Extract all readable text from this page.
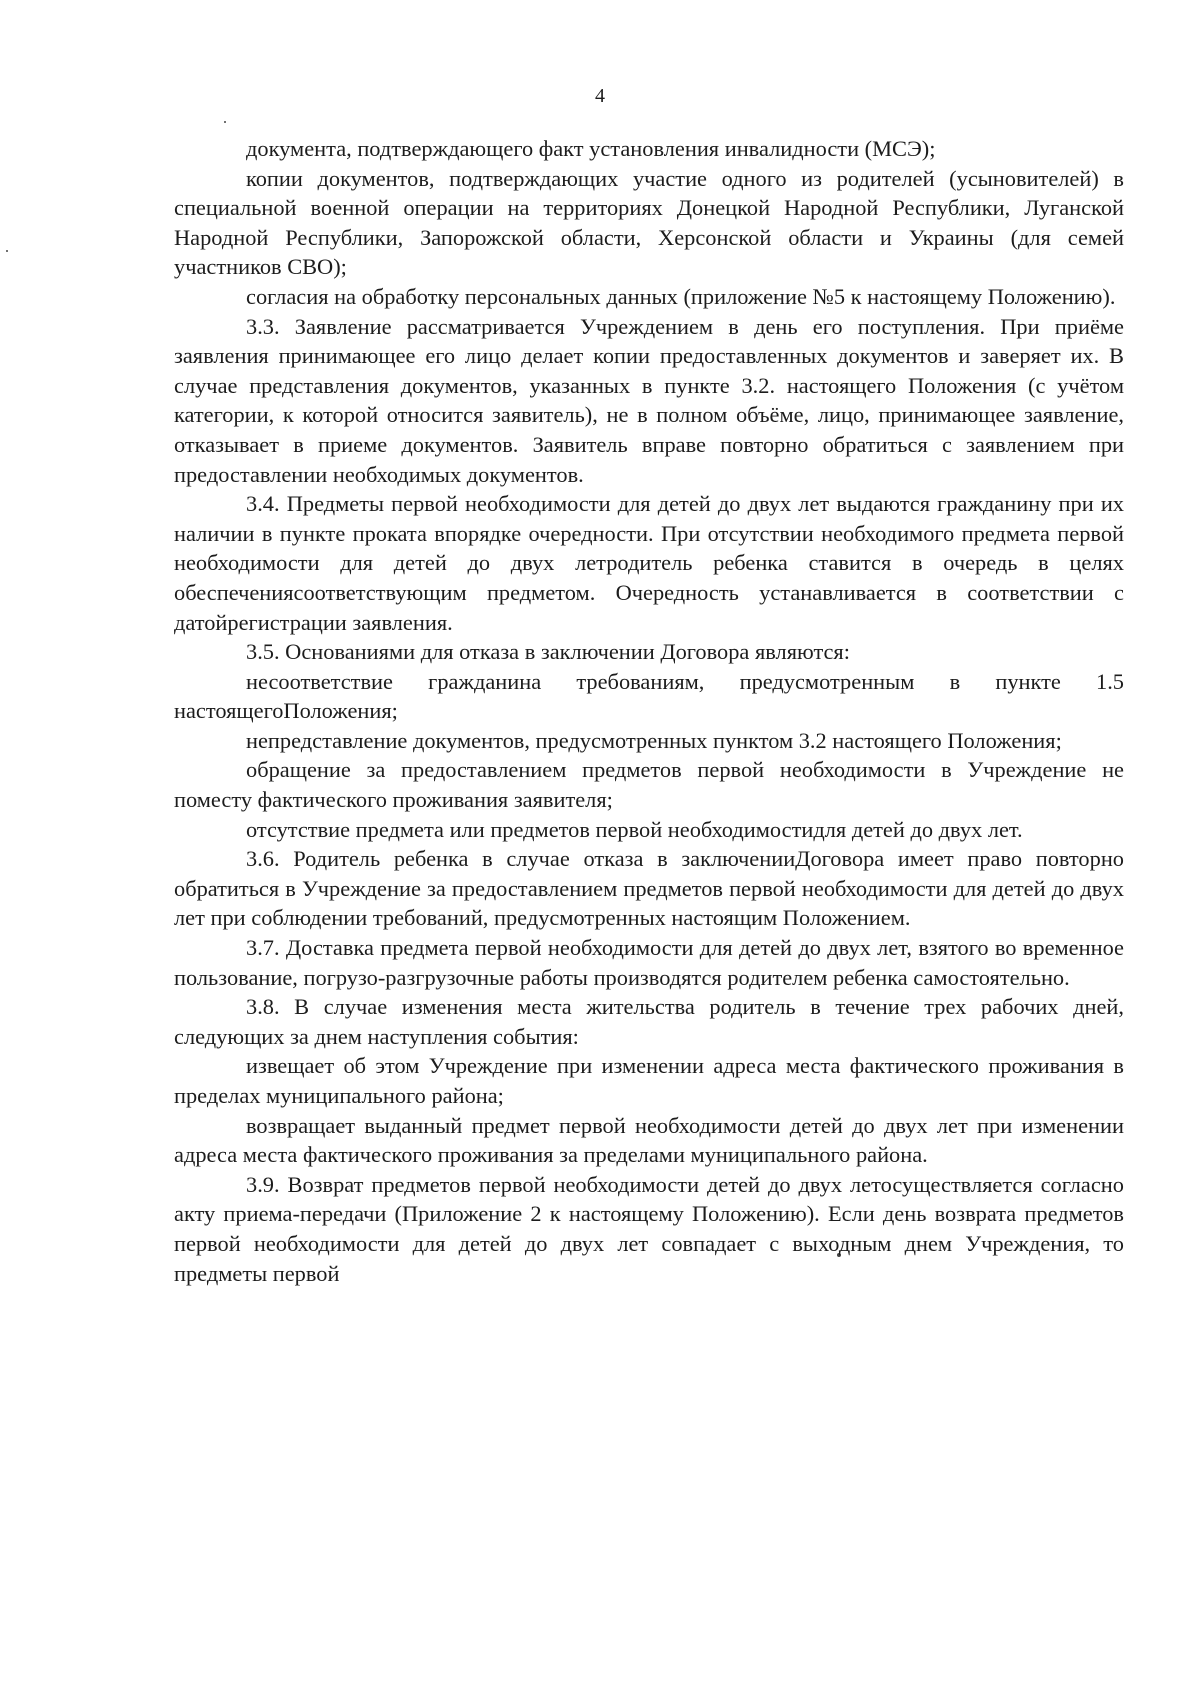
4

документа, подтверждающего факт установления инвалидности (МСЭ);

копии документов, подтверждающих участие одного из родителей (усыновителей) в специальной военной операции на территориях Донецкой Народной Республики, Луганской Народной Республики, Запорожской области, Херсонской области и Украины (для семей участников СВО);

согласия на обработку персональных данных (приложение №5 к настоящему Положению).

3.3. Заявление рассматривается Учреждением в день его поступления. При приёме заявления принимающее его лицо делает копии предоставленных документов и заверяет их. В случае представления документов, указанных в пункте 3.2. настоящего Положения (с учётом категории, к которой относится заявитель), не в полном объёме, лицо, принимающее заявление, отказывает в приеме документов. Заявитель вправе повторно обратиться с заявлением при предоставлении необходимых документов.

3.4. Предметы первой необходимости для детей до двух лет выдаются гражданину при их наличии в пункте проката впорядке очередности. При отсутствии необходимого предмета первой необходимости для детей до двух летродитель ребенка ставится в очередь в целях обеспечениясоответствующим предметом. Очередность устанавливается в соответствии с датойрегистрации заявления.

3.5. Основаниями для отказа в заключении Договора являются:

несоответствие гражданина требованиям, предусмотренным в пункте 1.5 настоящегоПоложения;

непредставление документов, предусмотренных пунктом 3.2 настоящего Положения;

обращение за предоставлением предметов первой необходимости в Учреждение не поместу фактического проживания заявителя;

отсутствие предмета или предметов первой необходимостидля детей до двух лет.

3.6. Родитель ребенка в случае отказа в заключенииДоговора имеет право повторно обратиться в Учреждение за предоставлением предметов первой необходимости для детей до двух лет при соблюдении требований, предусмотренных настоящим Положением.

3.7. Доставка предмета первой необходимости для детей до двух лет, взятого во временное пользование, погрузо-разгрузочные работы производятся родителем ребенка самостоятельно.

3.8. В случае изменения места жительства родитель в течение трех рабочих дней, следующих за днем наступления события:

извещает об этом Учреждение при изменении адреса места фактического проживания в пределах муниципального района;

возвращает выданный предмет первой необходимости детей до двух лет при изменении адреса места фактического проживания за пределами муниципального района.

3.9. Возврат предметов первой необходимости детей до двух летосуществляется согласно акту приема-передачи (Приложение 2 к настоящему Положению). Если день возврата предметов первой необходимости для детей до двух лет совпадает с выходным днем Учреждения, то предметы первой
